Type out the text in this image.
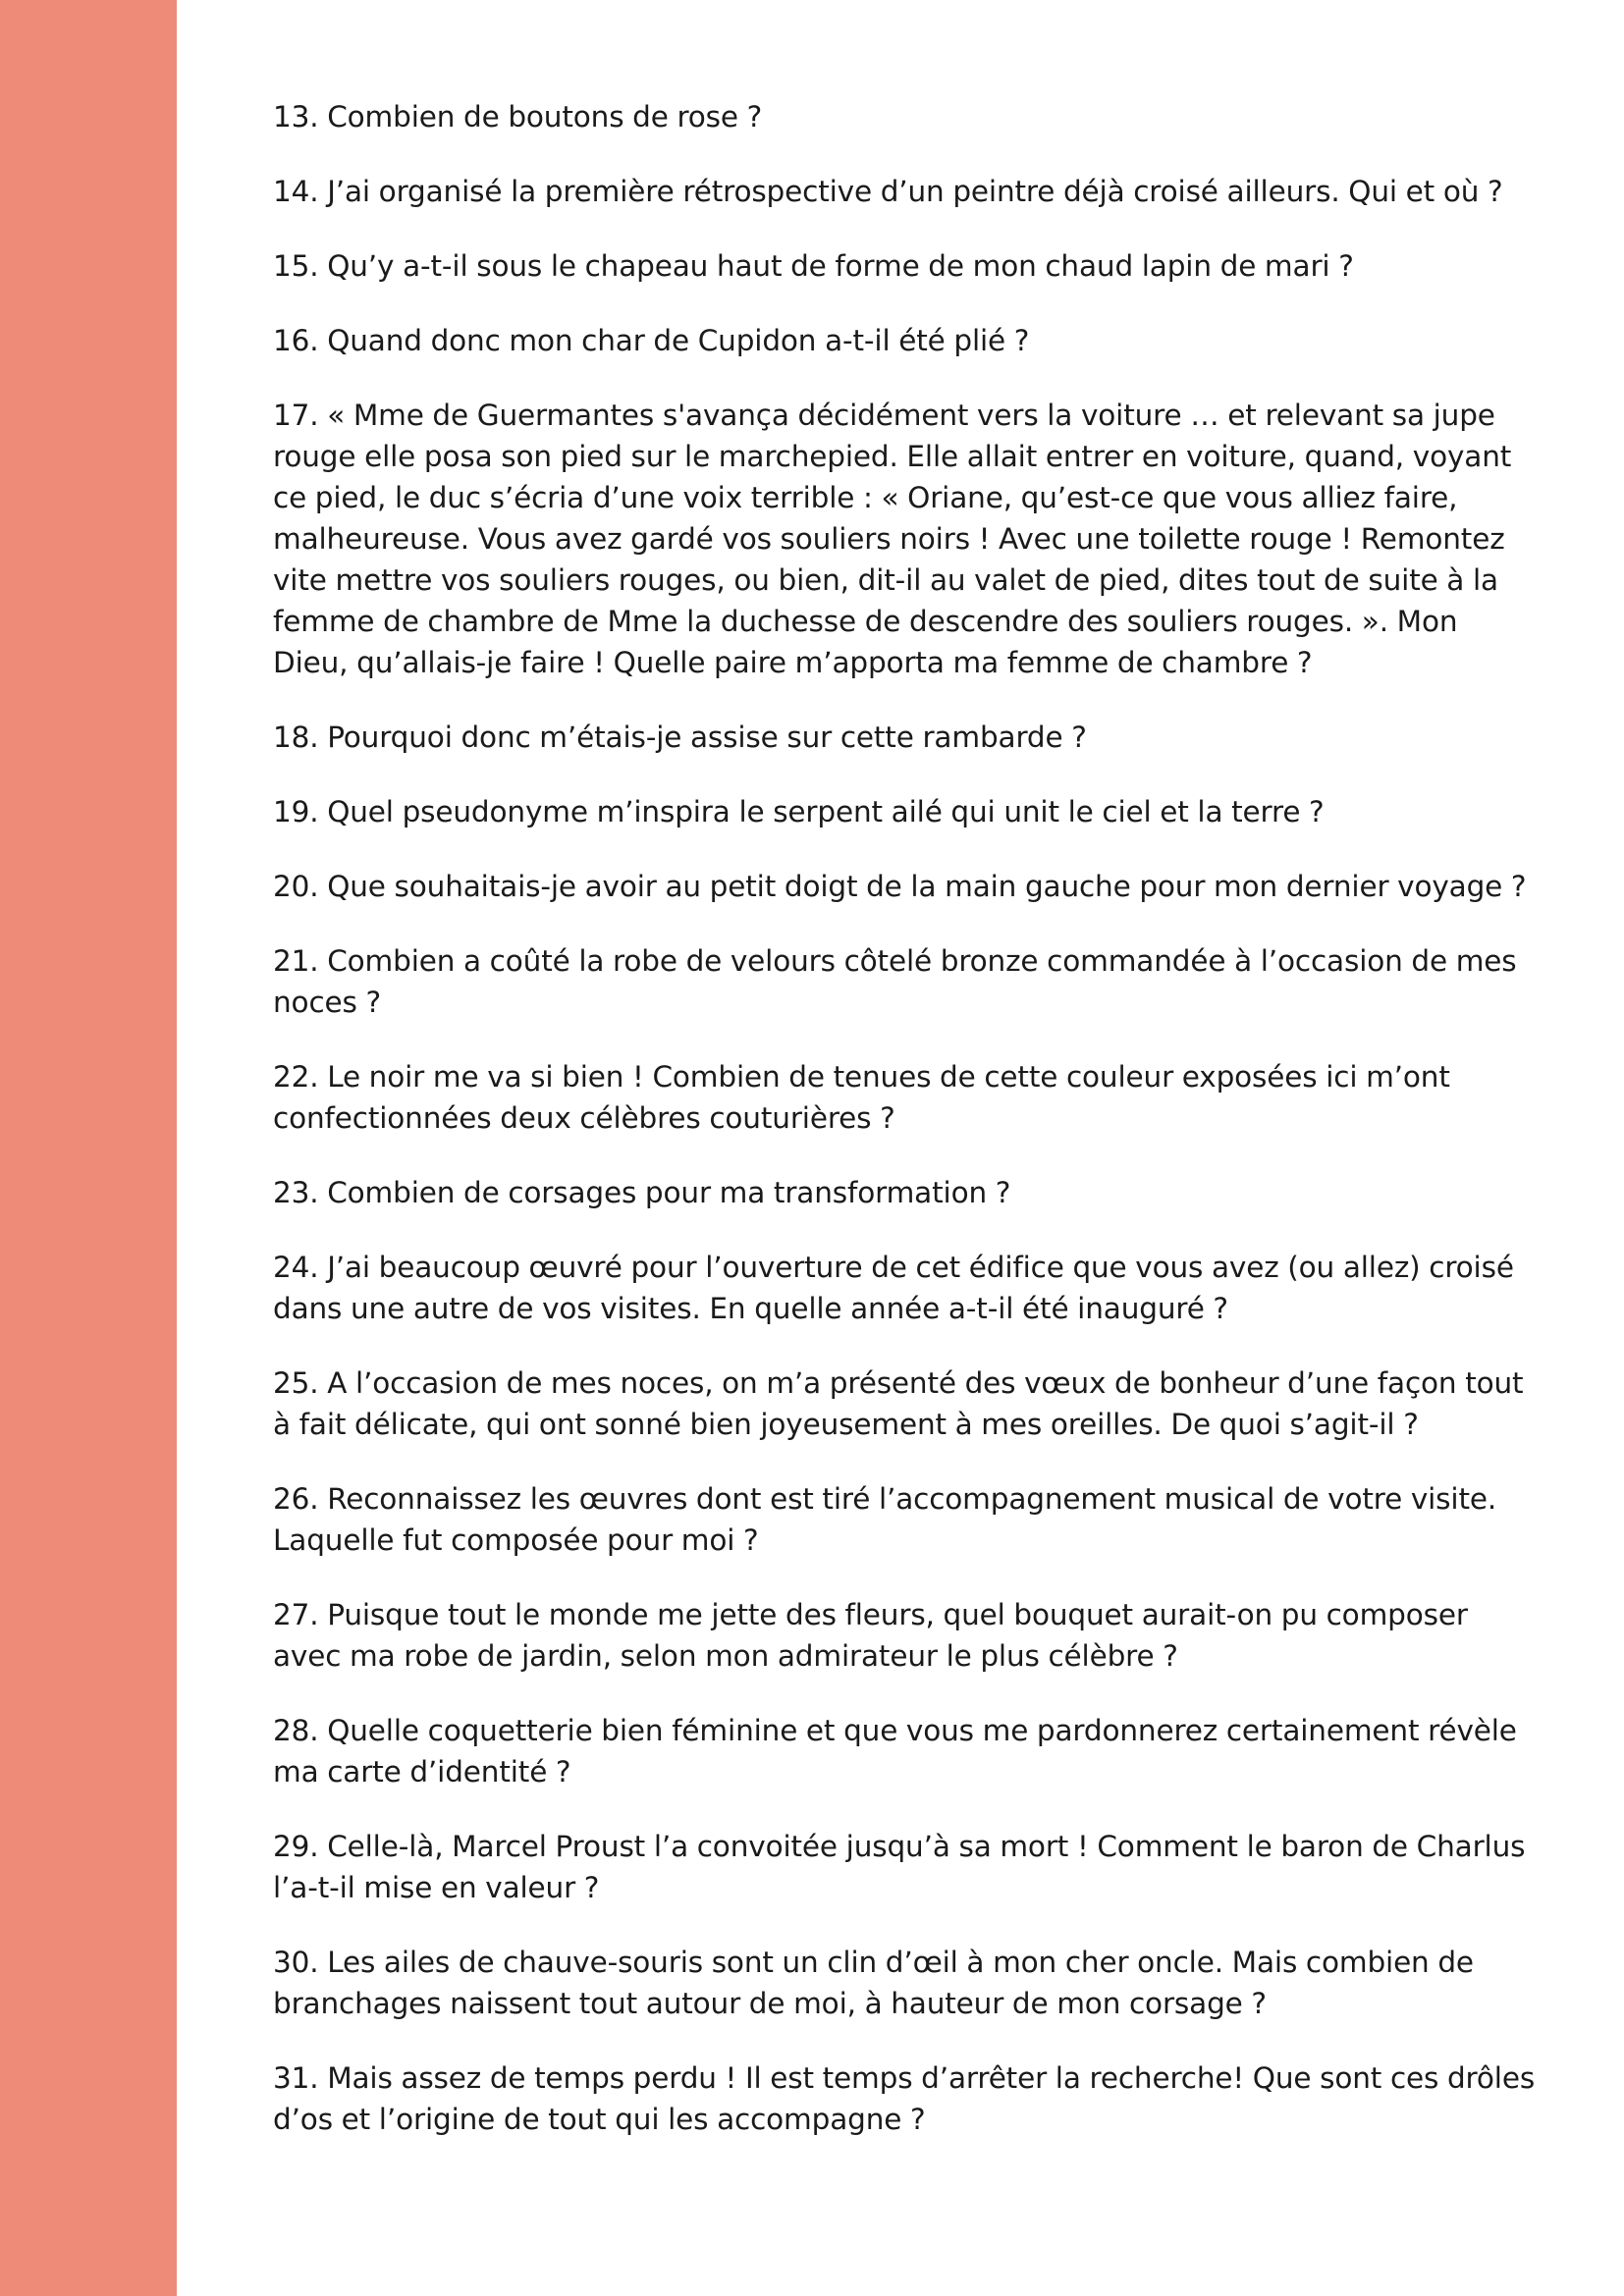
13. Combien de boutons de rose ?

14. J’ai organisé la première rétrospective d’un peintre déjà croisé ailleurs. Qui et où ?

15. Qu’y a-t-il sous le chapeau haut de forme de mon chaud lapin de mari ?

16. Quand donc mon char de Cupidon a-t-il été plié ?

17. « Mme de Guermantes s'avança décidément vers la voiture … et relevant sa jupe rouge elle posa son pied sur le marchepied. Elle allait entrer en voiture, quand, voyant ce pied, le duc s’écria d’une voix terrible : « Oriane, qu’est-ce que vous alliez faire, malheureuse. Vous avez gardé vos souliers noirs ! Avec une toilette rouge ! Remontez vite mettre vos souliers rouges, ou bien, dit-il au valet de pied, dites tout de suite à la femme de chambre de Mme la duchesse de descendre des souliers rouges. ». Mon Dieu, qu’allais-je faire ! Quelle paire m’apporta ma femme de chambre ?

18. Pourquoi donc m’étais-je assise sur cette rambarde ?

19. Quel pseudonyme m’inspira le serpent ailé qui unit le ciel et la terre ?

20. Que souhaitais-je avoir au petit doigt de la main gauche pour mon dernier voyage ?

21. Combien a coûté la robe de velours côtelé bronze commandée à l’occasion de mes noces ?

22. Le noir me va si bien ! Combien de tenues de cette couleur exposées ici m’ont confectionnées deux célèbres couturières ?

23. Combien de corsages pour ma transformation ?

24. J’ai beaucoup œuvré pour l’ouverture de cet édifice que vous avez (ou allez) croisé dans une autre de vos visites. En quelle année a-t-il été inauguré ?

25. A l’occasion de mes noces, on m’a présenté des vœux de bonheur d’une façon tout à fait délicate, qui ont sonné bien joyeusement à mes oreilles. De quoi s’agit-il ?

26. Reconnaissez les œuvres dont est tiré l’accompagnement musical de votre visite. Laquelle fut composée pour moi ?

27. Puisque tout le monde me jette des fleurs, quel bouquet aurait-on pu composer avec ma robe de jardin, selon mon admirateur le plus célèbre ?

28. Quelle coquetterie bien féminine et que vous me pardonnerez certainement révèle ma carte d’identité ?

29. Celle-là, Marcel Proust l’a convoitée jusqu’à sa mort ! Comment le baron de Charlus l’a-t-il mise en valeur ?

30. Les ailes de chauve-souris sont un clin d’œil à mon cher oncle. Mais combien de branchages naissent tout autour de moi, à hauteur de mon corsage ?

31. Mais assez de temps perdu ! Il est temps d’arrêter la recherche! Que sont ces drôles d’os et l’origine de tout qui les accompagne ?
